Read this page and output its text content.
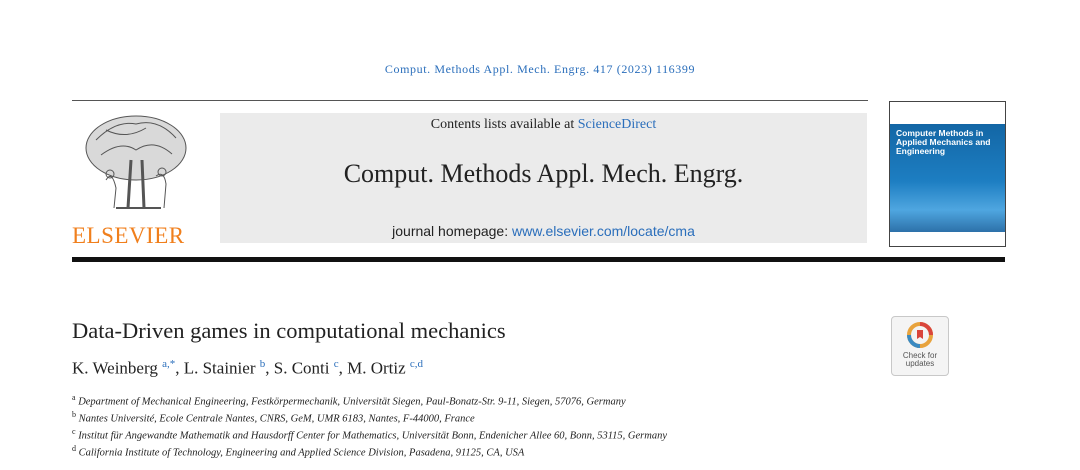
Comput. Methods Appl. Mech. Engrg. 417 (2023) 116399
ELSEVIER
Contents lists available at ScienceDirect
Comput. Methods Appl. Mech. Engrg.
journal homepage: www.elsevier.com/locate/cma
Computer Methods in Applied Mechanics and Engineering
Data-Driven games in computational mechanics
K. Weinberg $^{a,*}$, L. Stainier $^b$, S. Conti $^c$, M. Ortiz $^{c,d}$
$^a$ Department of Mechanical Engineering, Festkörpermechanik, Universität Siegen, Paul-Bonatz-Str. 9-11, Siegen, 57076, Germany
$^b$ Nantes Université, Ecole Centrale Nantes, CNRS, GeM, UMR 6183, Nantes, F-44000, France
$^c$ Institut für Angewandte Mathematik and Hausdorff Center for Mathematics, Universität Bonn, Endenicher Allee 60, Bonn, 53115, Germany
$^d$ California Institute of Technology, Engineering and Applied Science Division, Pasadena, 91125, CA, USA
Check for
updates
